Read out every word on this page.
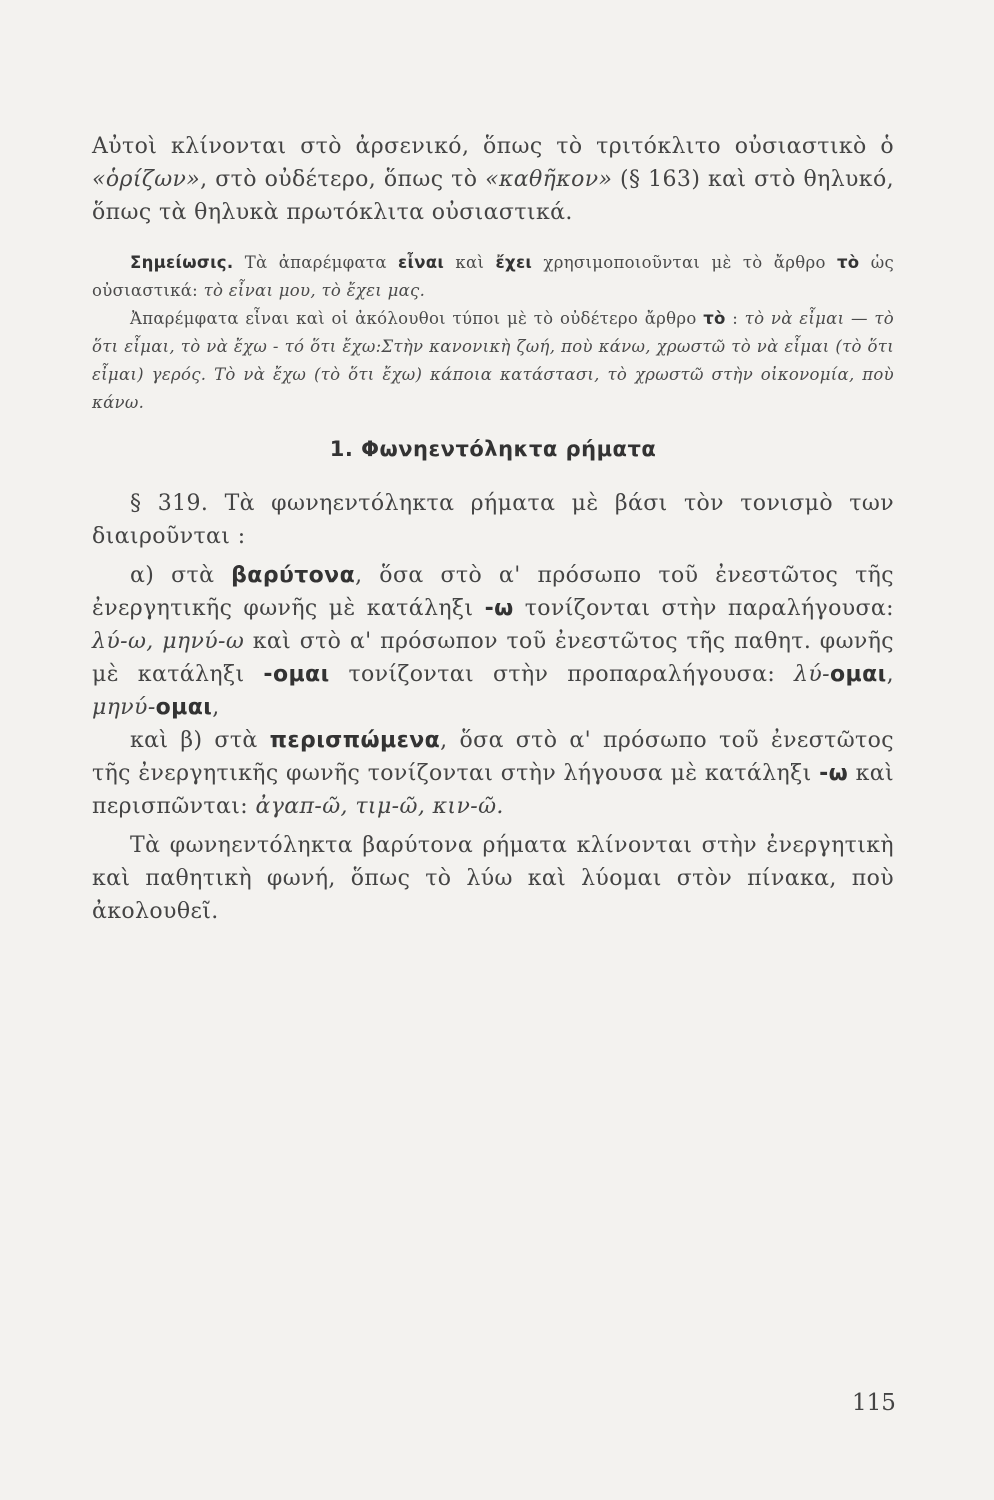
Αὐτοὶ κλίνονται στὸ ἀρσενικό, ὅπως τὸ τριτόκλιτο οὐσιαστικὸ ὁ «ὁρίζων», στὸ οὐδέτερο, ὅπως τὸ «καθῆκον» (§ 163) καὶ στὸ θηλυκό, ὅπως τὰ θηλυκὰ πρωτόκλιτα οὐσιαστικά.

Σημείωσις. Τὰ ἀπαρέμφατα εἶναι καὶ ἔχει χρησιμοποιοῦνται μὲ τὸ ἄρθρο τὸ ὡς οὐσιαστικά: τὸ εἶναι μου, τὸ ἔχει μας.

Ἀπαρέμφατα εἶναι καὶ οἱ ἀκόλουθοι τύποι μὲ τὸ οὐδέτερο ἄρθρο τὸ : τὸ νὰ εἶμαι — τὸ ὅτι εἶμαι, τὸ νὰ ἔχω - τό ὅτι ἔχω:Στὴν κανονικὴ ζωή, ποὺ κάνω, χρωστῶ τὸ νὰ εἶμαι (τὸ ὅτι εἶμαι) γερός. Τὸ νὰ ἔχω (τὸ ὅτι ἔχω) κάποια κατάστασι, τὸ χρωστῶ στὴν οἰκονομία, ποὺ κάνω.

1. Φωνηεντόληκτα ρήματα

§ 319. Τὰ φωνηεντόληκτα ρήματα μὲ βάσι τὸν τονισμὸ των διαιροῦνται :

α) στὰ βαρύτονα, ὅσα στὸ α' πρόσωπο τοῦ ἐνεστῶτος τῆς ἐνεργητικῆς φωνῆς μὲ κατάληξι -ω τονίζονται στὴν παραλήγουσα: λύ-ω, μηνύ-ω καὶ στὸ α' πρόσωπον τοῦ ἐνεστῶτος τῆς παθητ. φωνῆς μὲ κατάληξι -ομαι τονίζονται στὴν προπαραλήγουσα: λύ-ομαι, μηνύ-ομαι,

καὶ β) στὰ περισπώμενα, ὅσα στὸ α' πρόσωπο τοῦ ἐνεστῶτος τῆς ἐνεργητικῆς φωνῆς τονίζονται στὴν λήγουσα μὲ κατάληξι -ω καὶ περισπῶνται: ἀγαπ-ῶ, τιμ-ῶ, κιν-ῶ.

Τὰ φωνηεντόληκτα βαρύτονα ρήματα κλίνονται στὴν ἐνεργητικὴ καὶ παθητικὴ φωνή, ὅπως τὸ λύω καὶ λύομαι στὸν πίνακα, ποὺ ἀκολουθεῖ.

115
